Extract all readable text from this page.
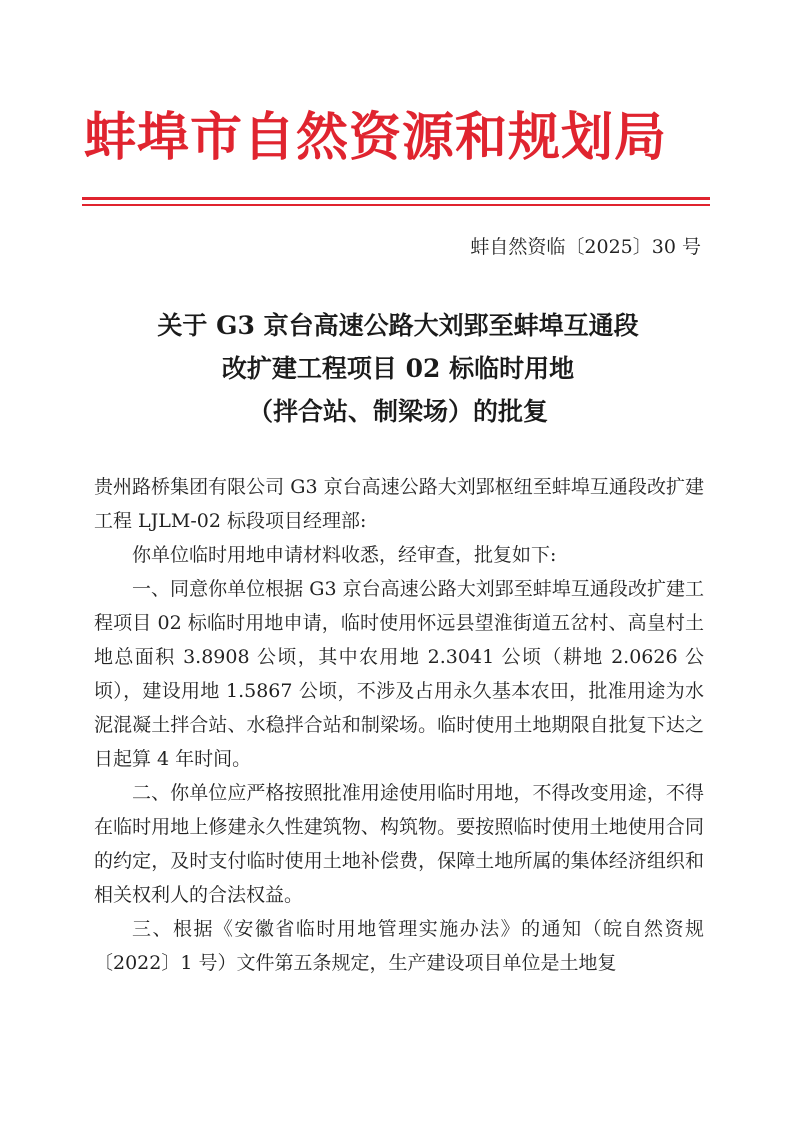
蚌埠市自然资源和规划局
蚌自然资临〔2025〕30 号
关于 G3 京台高速公路大刘郢至蚌埠互通段
改扩建工程项目 02 标临时用地
（拌合站、制梁场）的批复

贵州路桥集团有限公司 G3 京台高速公路大刘郢枢纽至蚌埠互通段改扩建工程 LJLM-02 标段项目经理部:

你单位临时用地申请材料收悉，经审查，批复如下:

一、同意你单位根据 G3 京台高速公路大刘郢至蚌埠互通段改扩建工程项目 02 标临时用地申请，临时使用怀远县望淮街道五岔村、高皇村土地总面积 3.8908 公顷，其中农用地 2.3041 公顷（耕地 2.0626 公顷），建设用地 1.5867 公顷，不涉及占用永久基本农田，批准用途为水泥混凝土拌合站、水稳拌合站和制梁场。临时使用土地期限自批复下达之日起算 4 年时间。

二、你单位应严格按照批准用途使用临时用地，不得改变用途，不得在临时用地上修建永久性建筑物、构筑物。要按照临时使用土地使用合同的约定，及时支付临时使用土地补偿费，保障土地所属的集体经济组织和相关权利人的合法权益。

三、根据《安徽省临时用地管理实施办法》的通知（皖自然资规〔2022〕1 号）文件第五条规定，生产建设项目单位是土地复
